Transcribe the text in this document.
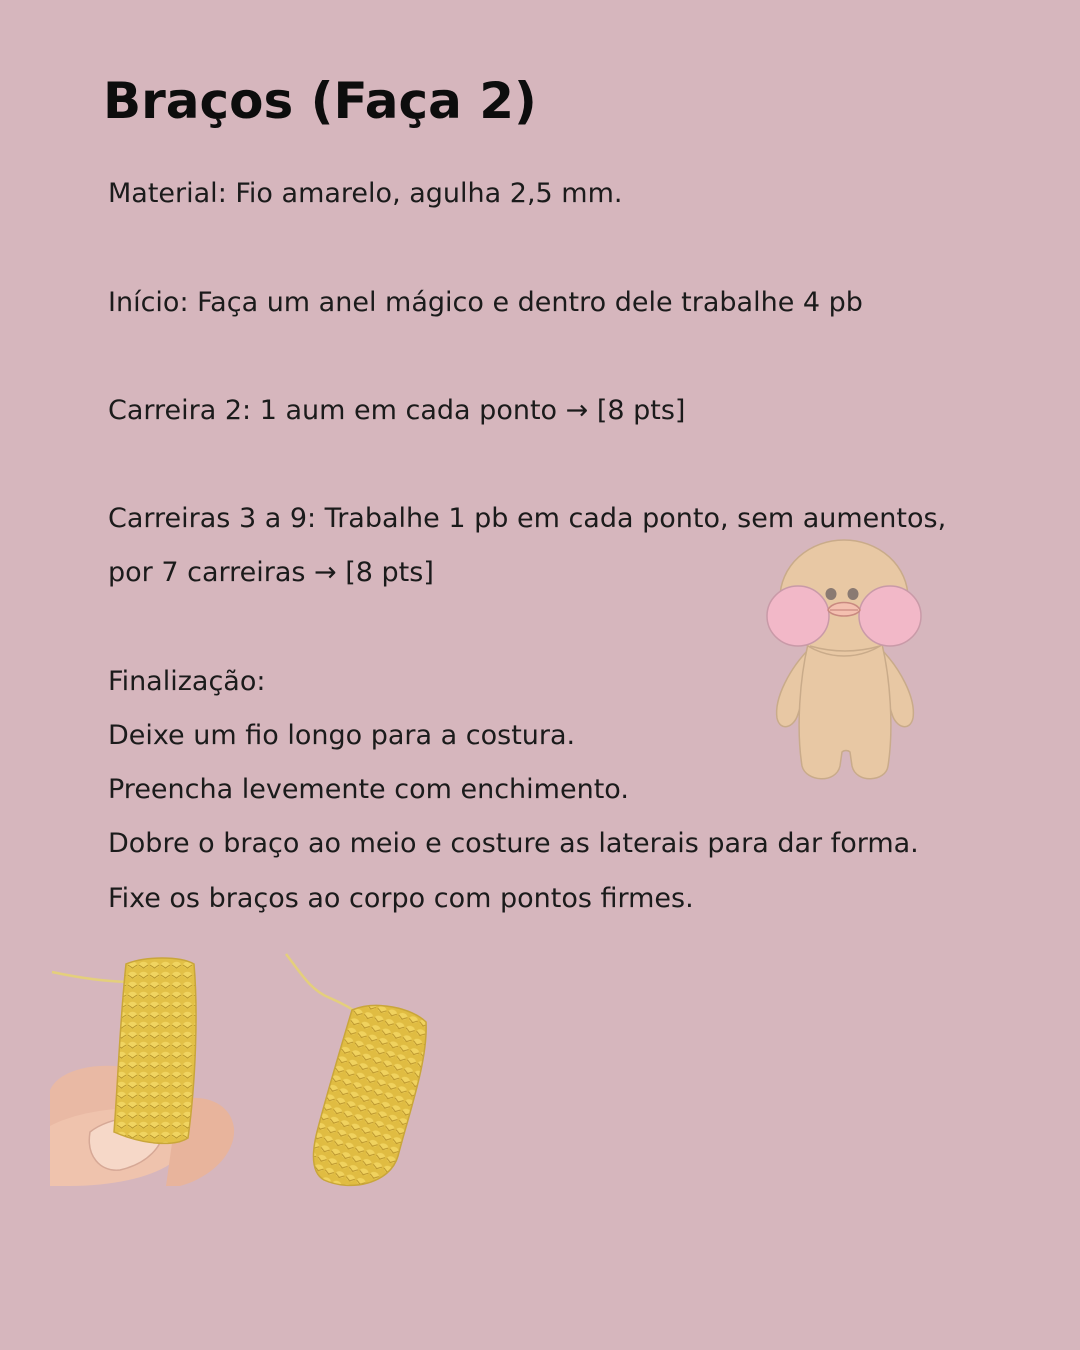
Braços (Faça 2)

Material: Fio amarelo, agulha 2,5 mm.

Início: Faça um anel mágico e dentro dele trabalhe 4 pb

Carreira 2: 1 aum em cada ponto → [8 pts]

Carreiras 3 a 9: Trabalhe 1 pb em cada ponto, sem aumentos,

por 7 carreiras → [8 pts]

Finalização:

Deixe um fio longo para a costura.

Preencha levemente com enchimento.

Dobre o braço ao meio e costure as laterais para dar forma.

Fixe os braços ao corpo com pontos firmes.
